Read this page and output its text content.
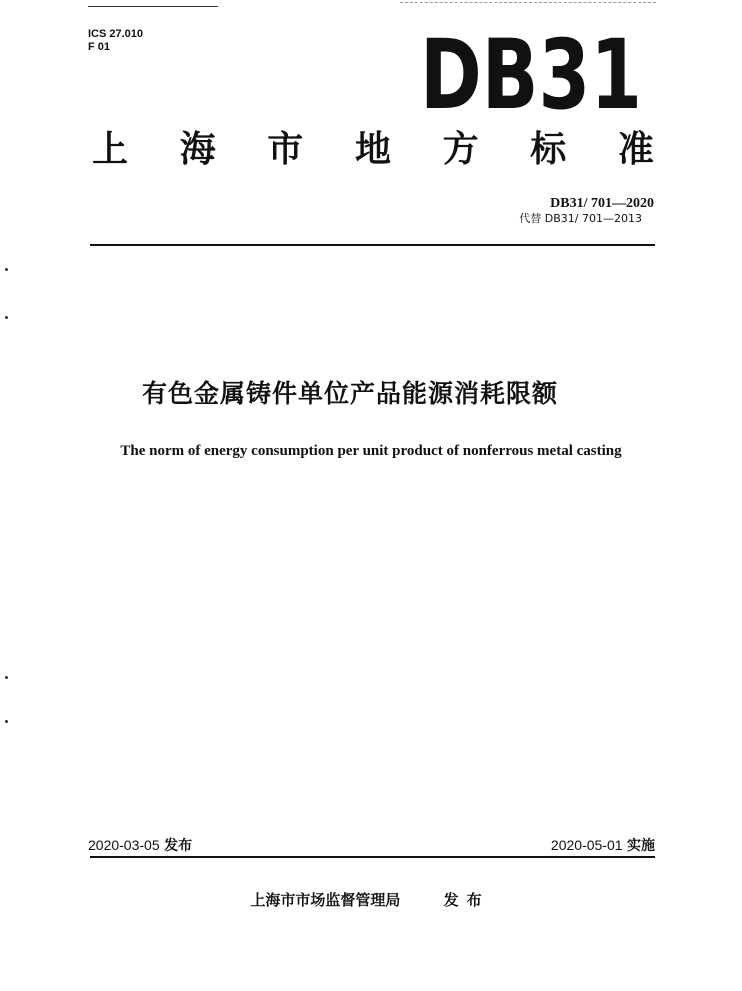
ICS 27.010
F 01	DB31
上 海 市 地 方 标 准
DB31/ 701—2020
代替 DB31/ 701—2013
有色金属铸件单位产品能源消耗限额
The norm of energy consumption per unit product of nonferrous metal casting
2020-03-05 发布	2020-05-01 实施
上海市市场监督管理局	发布
